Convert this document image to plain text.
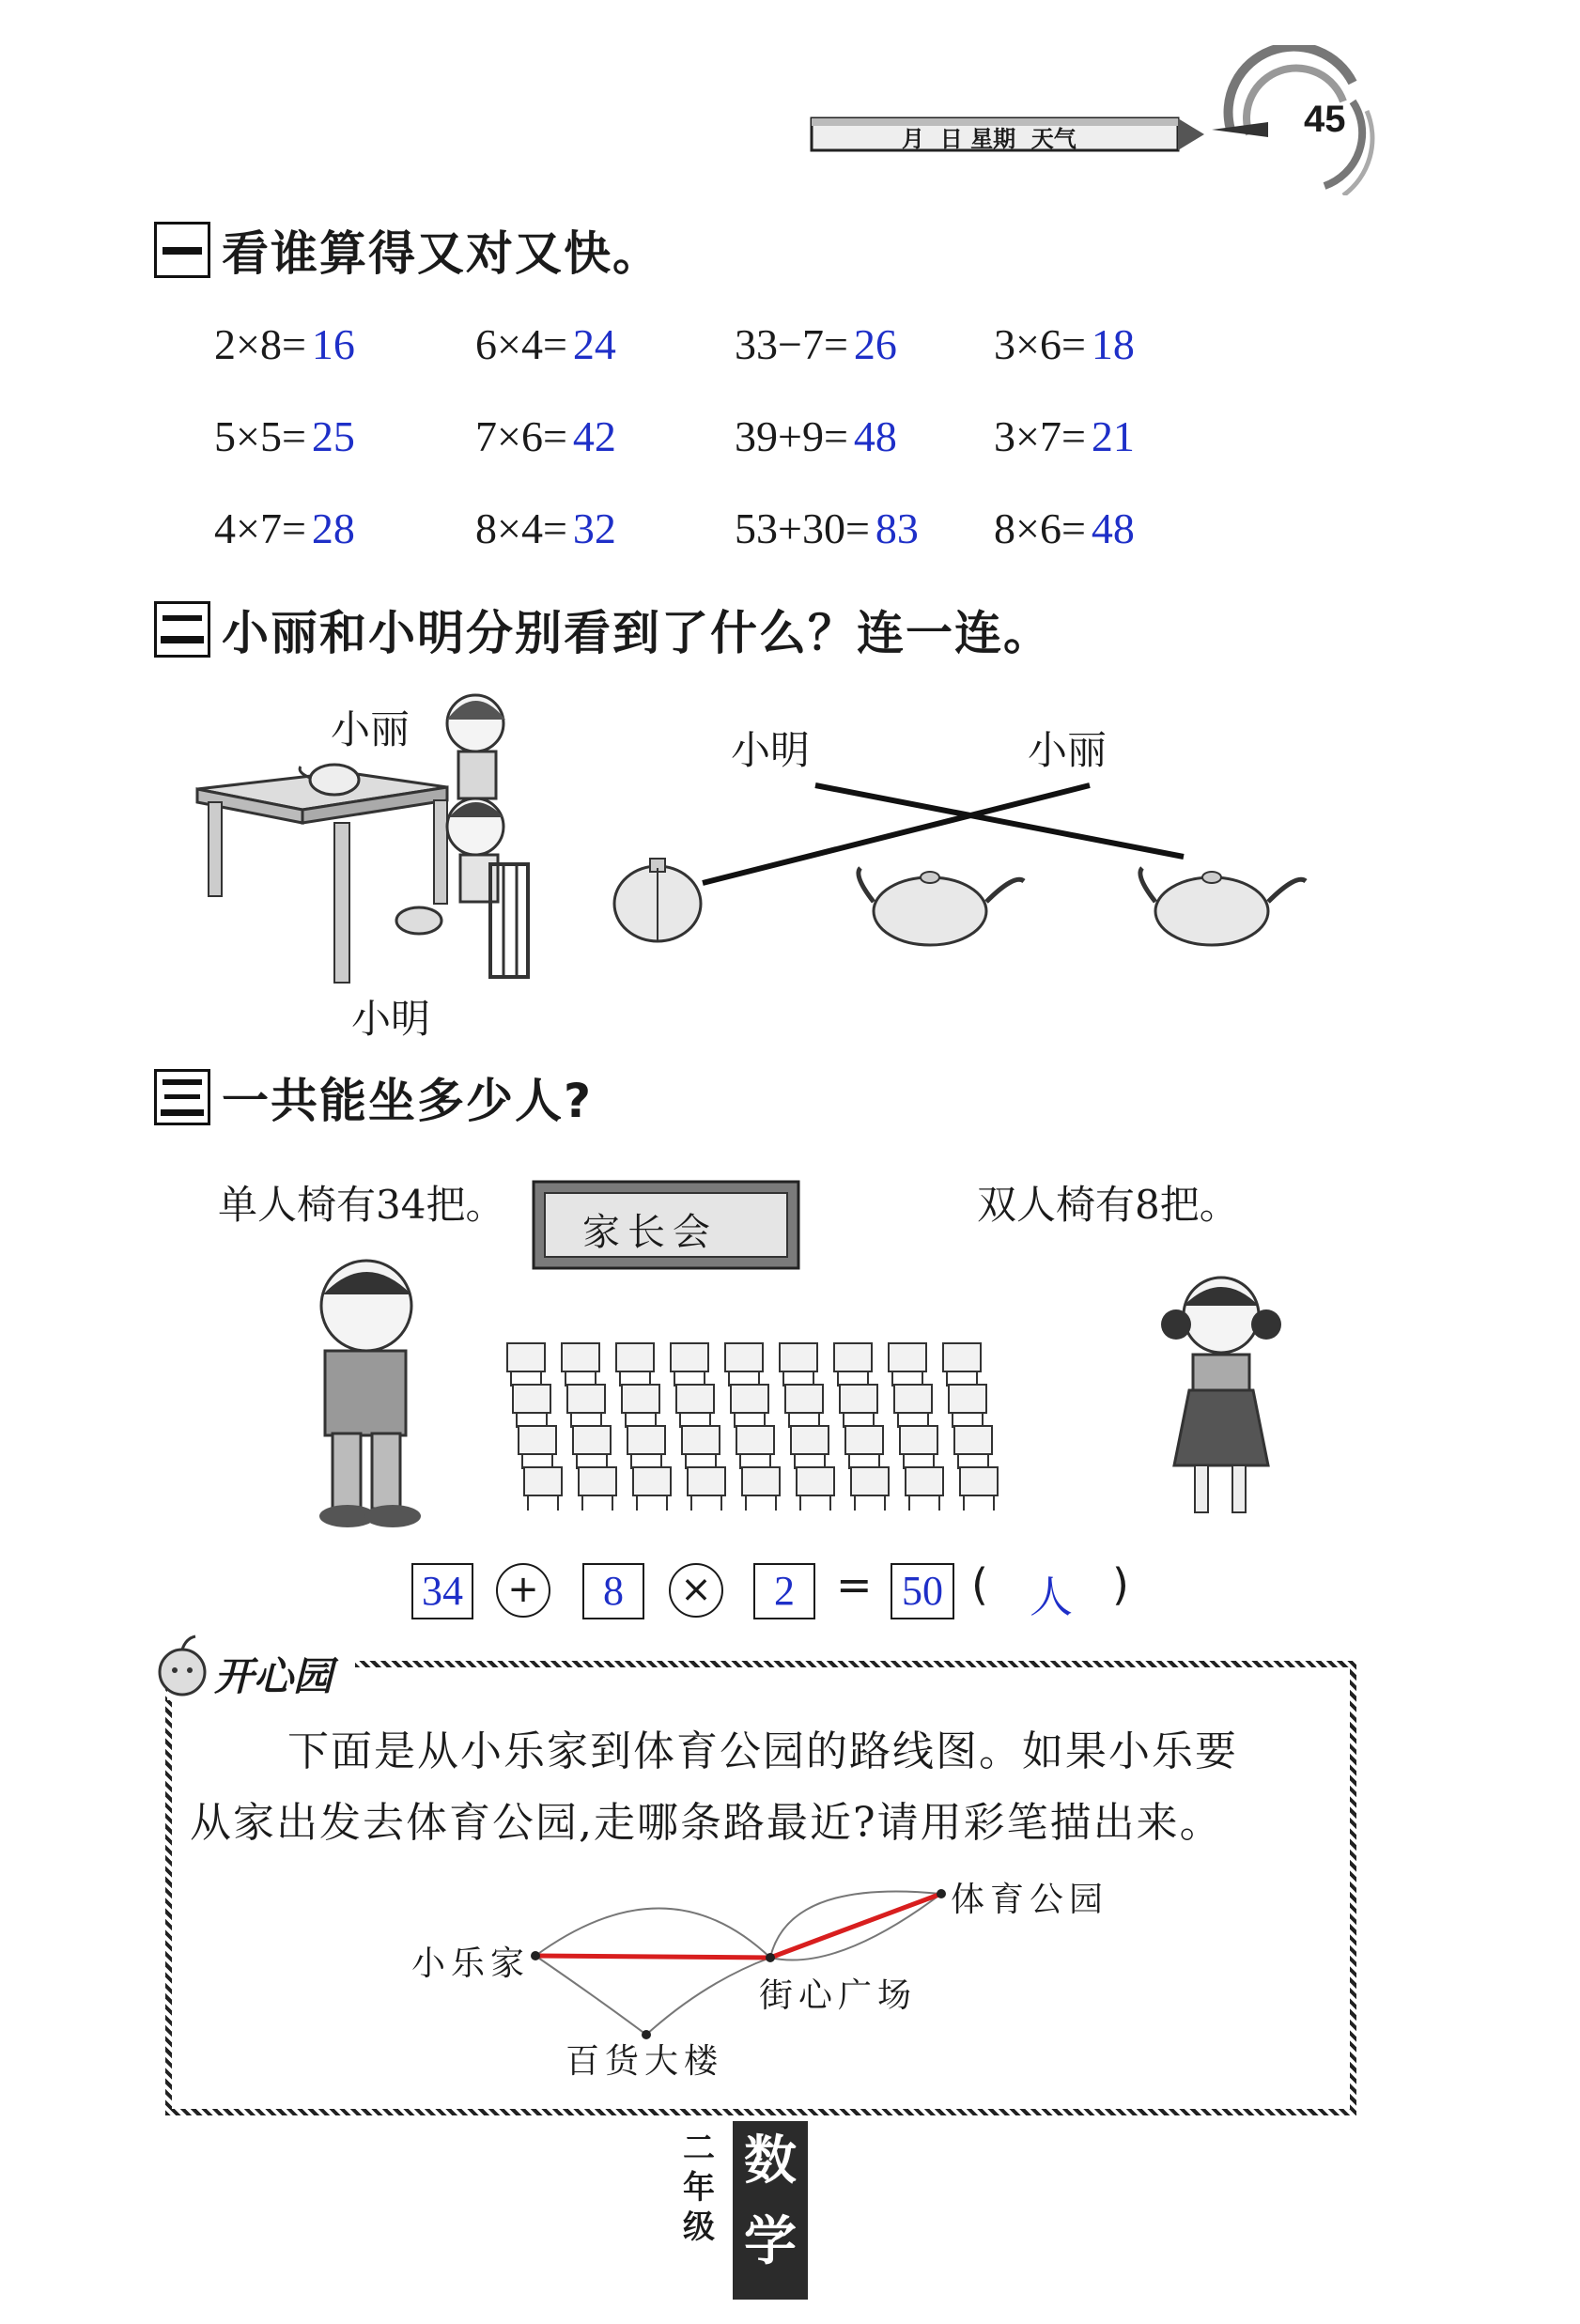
月  日 星期  天气	45
看谁算得又对又快。
2×8= 16	6×4= 24	33−7= 26 3×6= 18
5×5= 25	7×6= 42	39+9= 48 3×7= 21
4×7= 28	8×4= 32	53+30= 83 8×6= 48
小丽和小明分别看到了什么？连一连。
小丽
小明
小明	小丽
一共能坐多少人?
单人椅有34把。	双人椅有8把。
家长会
34	+	8	×	2 = 50 ( 人 )
开心园
下面是从小乐家到体育公园的路线图。如果小乐要
从家出发去体育公园,走哪条路最近?请用彩笔描出来。
小乐家
街心广场
体育公园
百货大楼
二年级
数学
